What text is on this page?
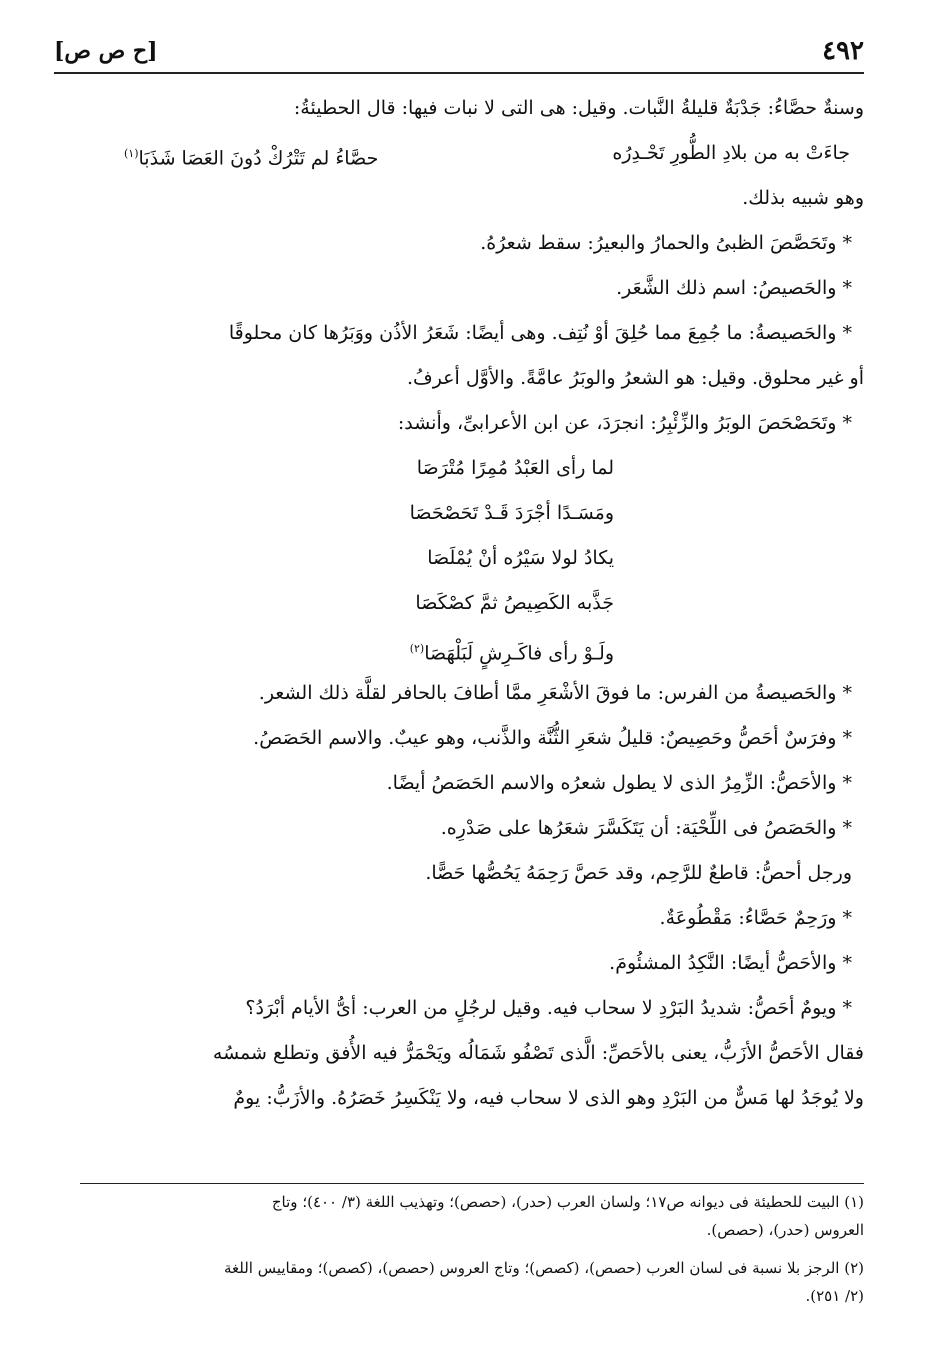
٤٩٢
[ح ص ص]
وسنةٌ حصَّاءُ: جَدْبَةٌ قليلةُ النَّبات. وقيل: هى التى لا نبات فيها: قال الحطيئةُ:
جاءَتْ به من بلادِ الطُّورِ تَحْـدِرُه
حصَّاءُ لم تَتْرُكْ دُونَ العَصَا شَذَبَا$^{(١)}$
وهو شبيه بذلك.
* وتَحَصَّصَ الظبىُ والحمارُ والبعيرُ: سقط شعرُهُ.
* والحَصيصُ: اسم ذلك الشَّعَر.
* والحَصيصةُ: ما جُمِعَ مما حُلِقَ أوْ نُتِف. وهى أيضًا: شَعَرُ الأذُن ووَبَرُها كان محلوقًا
أو غير محلوق. وقيل: هو الشعرُ والوبَرُ عامَّةً. والأوَّل أعرفُ.
* وتَحَصْحَصَ الوبَرُ والزِّئْبِرُ: انجرَدَ، عن ابن الأعرابىِّ، وأنشد:
لما رأى العَبْدُ مُمِرًا مُتْرَصَا
ومَسَـدًا أجْرَدَ قَـدْ تَحَصْحَصَا
يكادُ لولا سَيْرُه أنْ يُمْلَصَا
جَذَّبه الكَصِيصُ ثمَّ كصْكَصَا
ولَـوْ رأى فاكَـرِشٍ لَبَلْهَصَا$^{(٢)}$
* والحَصيصةُ من الفرس: ما فوقَ الأشْعَرِ ممَّا أطافَ بالحافر لقلَّة ذلك الشعر.
* وفرَسٌ أحَصُّ وحَصِيصٌ: قليلُ شعَرِ الثُّنَّة والذَّنب، وهو عيبٌ. والاسم الحَصَصُ.
* والأحَصُّ: الزِّمِرُ الذى لا يطول شعرُه والاسم الحَصَصُ أيضًا.
* والحَصَصُ فى اللِّحْيَة: أن يَتَكَسَّرَ شعَرُها على صَدْرِه.
ورجل أحصُّ: قاطعٌ للرَّحِم، وقد حَصَّ رَحِمَهُ يَحُصُّها حَصًّا.
* ورَحِمٌ حَصَّاءُ: مَقْطُوعَةٌ.
* والأحَصُّ أيضًا: النَّكِدُ المشئُومَ.
* ويومٌ أحَصُّ: شديدُ البَرْدِ لا سحاب فيه. وقيل لرجُلٍ من العرب: أىُّ الأيام أبْرَدُ؟
فقال الأحَصُّ الأزَبُّ، يعنى بالأحَصِّ: الَّذى تَصْفُو شَمَالُه ويَحْمَرُّ فيه الأُفق وتطلع شمسُه
ولا يُوجَدُ لها مَسٌّ من البَرْدِ وهو الذى لا سحاب فيه، ولا يَنْكَسِرُ خَصَرُهُ. والأزَبُّ: يومٌ
(١) البيت للحطيئة فى ديوانه ص١٧؛ ولسان العرب (حدر)، (حصص)؛ وتهذيب اللغة (٣/ ٤٠٠)؛ وتاج
العروس (حدر)، (حصص).
(٢) الرجز بلا نسبة فى لسان العرب (حصص)، (كصص)؛ وتاج العروس (حصص)، (كصص)؛ ومقاييس اللغة
(٢/ ٢٥١).
